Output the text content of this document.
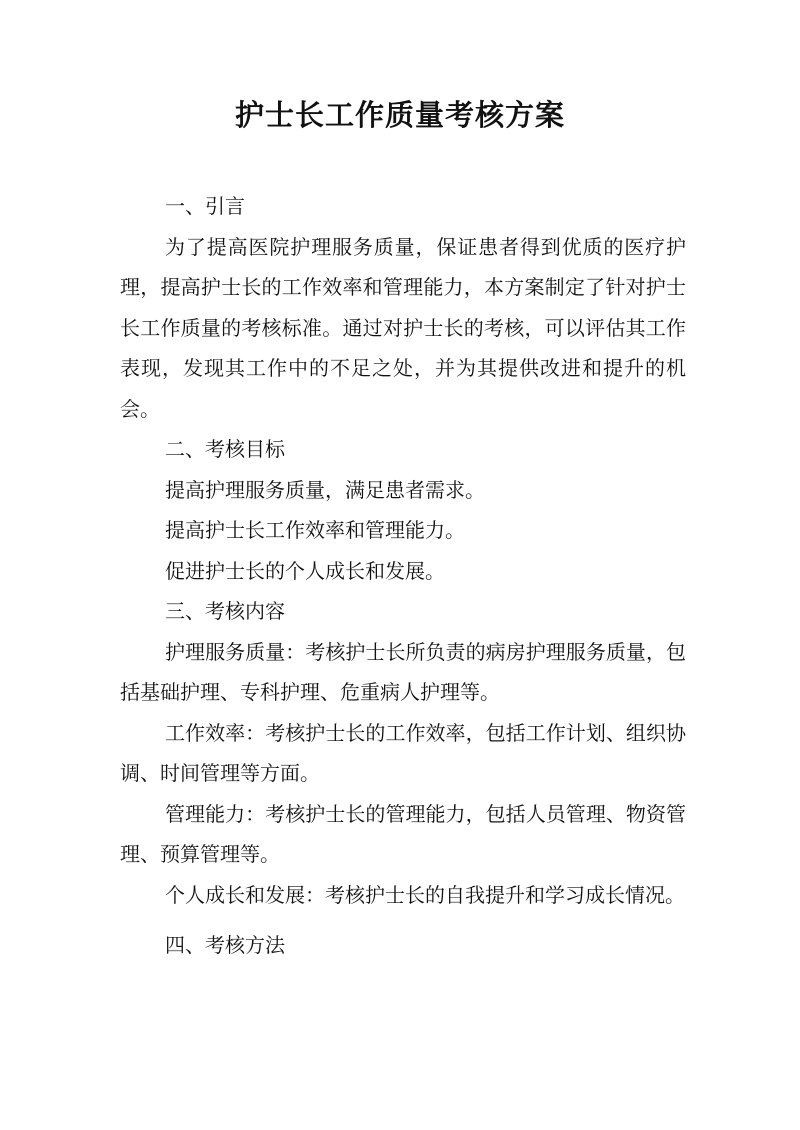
护士长工作质量考核方案

一、引言

为了提高医院护理服务质量，保证患者得到优质的医疗护理，提高护士长的工作效率和管理能力，本方案制定了针对护士长工作质量的考核标准。通过对护士长的考核，可以评估其工作表现，发现其工作中的不足之处，并为其提供改进和提升的机会。

二、考核目标

提高护理服务质量，满足患者需求。

提高护士长工作效率和管理能力。

促进护士长的个人成长和发展。

三、考核内容

护理服务质量：考核护士长所负责的病房护理服务质量，包括基础护理、专科护理、危重病人护理等。

工作效率：考核护士长的工作效率，包括工作计划、组织协调、时间管理等方面。

管理能力：考核护士长的管理能力，包括人员管理、物资管理、预算管理等。

个人成长和发展：考核护士长的自我提升和学习成长情况。

四、考核方法
